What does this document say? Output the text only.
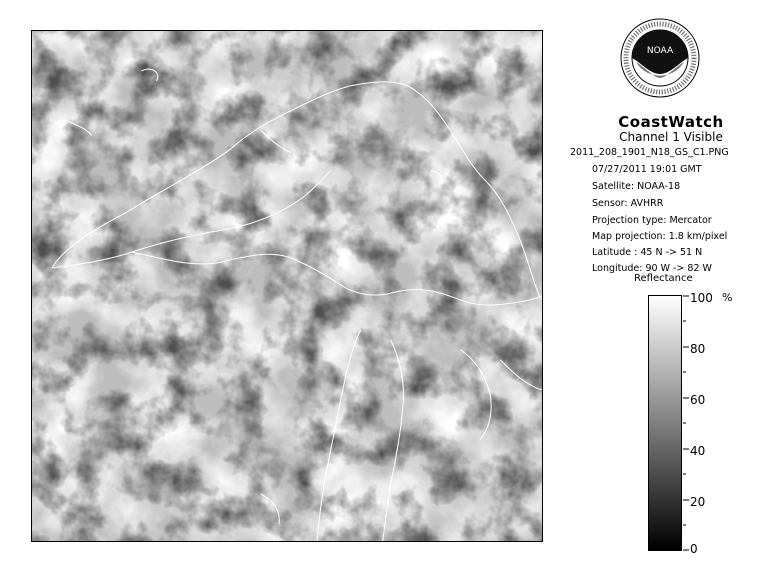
NOAA
CoastWatch
Channel 1 Visible
2011_208_1901_N18_GS_C1.PNG
07/27/2011 19:01 GMT
Satellite: NOAA-18
Sensor: AVHRR
Projection type: Mercator
Map projection: 1.8 km/pixel
Latitude : 45 N -> 51 N
Longitude: 90 W -> 82 W
Reflectance
100
80
60
40
20
0
%
